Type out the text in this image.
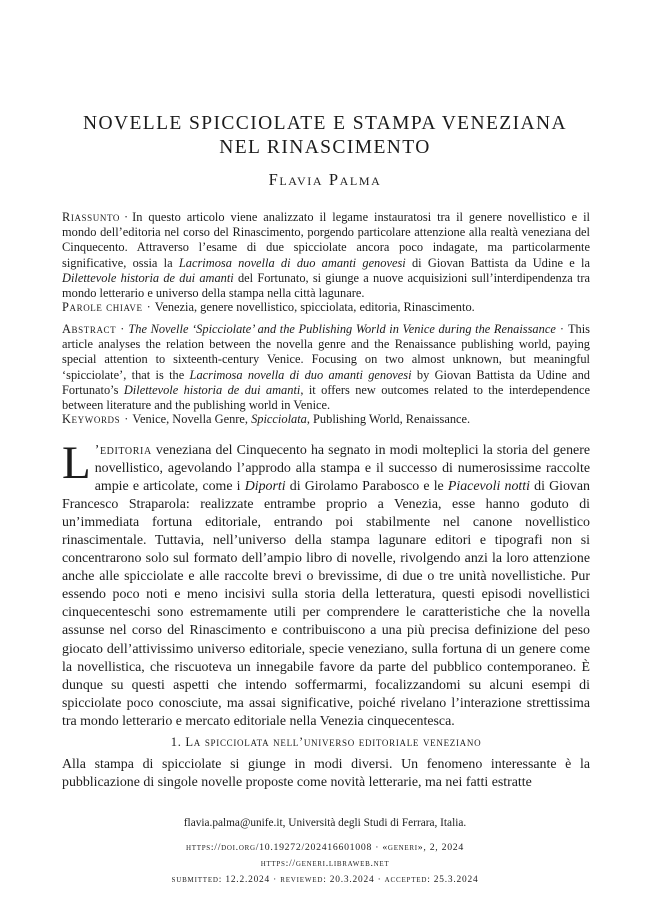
NOVELLE SPICCIOLATE E STAMPA VENEZIANA
NEL RINASCIMENTO
Flavia Palma
Riassunto · In questo articolo viene analizzato il legame instauratosi tra il genere novellistico e il mondo dell’editoria nel corso del Rinascimento, porgendo particolare attenzione alla realtà veneziana del Cinquecento. Attraverso l’esame di due spicciolate ancora poco indagate, ma particolarmente significative, ossia la Lacrimosa novella di duo amanti genovesi di Giovan Battista da Udine e la Dilettevole historia de dui amanti del Fortunato, si giunge a nuove acquisizioni sull’interdipendenza tra mondo letterario e universo della stampa nella città lagunare.
Parole chiave · Venezia, genere novellistico, spicciolata, editoria, Rinascimento.
Abstract · The Novelle ‘Spicciolate’ and the Publishing World in Venice during the Renaissance · This article analyses the relation between the novella genre and the Renaissance publishing world, paying special attention to sixteenth-century Venice. Focusing on two almost unknown, but meaningful ‘spicciolate’, that is the Lacrimosa novella di duo amanti genovesi by Giovan Battista da Udine and Fortunato’s Dilettevole historia de dui amanti, it offers new outcomes related to the interdependence between literature and the publishing world in Venice.
Keywords · Venice, Novella Genre, Spicciolata, Publishing World, Renaissance.
L ’editoria veneziana del Cinquecento ha segnato in modi molteplici la storia del genere novellistico, agevolando l’approdo alla stampa e il successo di numerosissime raccolte ampie e articolate, come i Diporti di Girolamo Parabosco e le Piacevoli notti di Giovan Francesco Straparola: realizzate entrambe proprio a Venezia, esse hanno goduto di un’immediata fortuna editoriale, entrando poi stabilmente nel canone novellistico rinascimentale. Tuttavia, nell’universo della stampa lagunare editori e tipografi non si concentrarono solo sul formato dell’ampio libro di novelle, rivolgendo anzi la loro attenzione anche alle spicciolate e alle raccolte brevi o brevissime, di due o tre unità novellistiche. Pur essendo poco noti e meno incisivi sulla storia della letteratura, questi episodi novellistici cinquecenteschi sono estremamente utili per comprendere le caratteristiche che la novella assunse nel corso del Rinascimento e contribuiscono a una più precisa definizione del peso giocato dell’attivissimo universo editoriale, specie veneziano, sulla fortuna di un genere come la novellistica, che riscuoteva un innegabile favore da parte del pubblico contemporaneo. È dunque su questi aspetti che intendo soffermarmi, focalizzandomi su alcuni esempi di spicciolate poco conosciute, ma assai significative, poiché rivelano l’interazione strettissima tra mondo letterario e mercato editoriale nella Venezia cinquecentesca.
1. La spicciolata nell’universo editoriale veneziano
Alla stampa di spicciolate si giunge in modi diversi. Un fenomeno interessante è la pubblicazione di singole novelle proposte come novità letterarie, ma nei fatti estratte
flavia.palma@unife.it, Università degli Studi di Ferrara, Italia.
https://doi.org/10.19272/202416601008 · «generi», 2, 2024
https://generi.libraweb.net
submitted: 12.2.2024 · reviewed: 20.3.2024 · accepted: 25.3.2024
